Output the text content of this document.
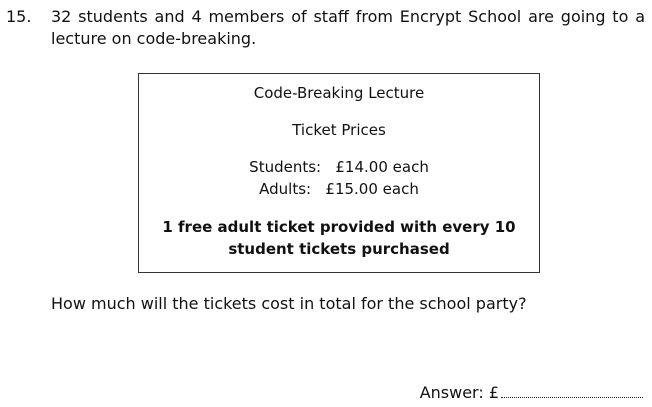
15. 32 students and 4 members of staff from Encrypt School are going to a lecture on code-breaking.
Code-Breaking Lecture
Ticket Prices
Students:   £14.00 each
Adults:   £15.00 each
1 free adult ticket provided with every 10
student tickets purchased
How much will the tickets cost in total for the school party?
Answer: £
